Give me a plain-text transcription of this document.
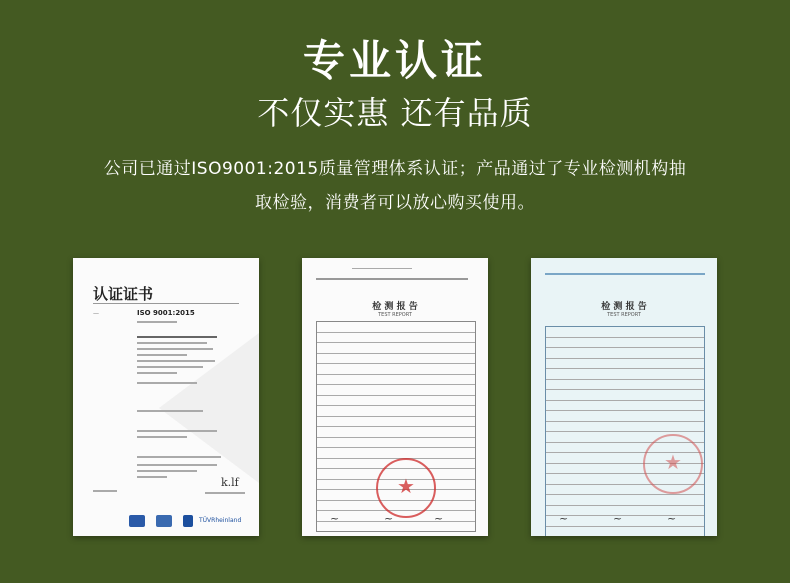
专业认证
不仅实惠 还有品质
公司已通过ISO9001:2015质量管理体系认证；产品通过了专业检测机构抽
取检验，消费者可以放心购买使用。
认证证书
—	ISO 9001:2015
k.lf

TÜVRheinland
检 测 报 告
TEST REPORT
★
~	~	~
检 测 报 告
TEST REPORT
★
~	~	~
